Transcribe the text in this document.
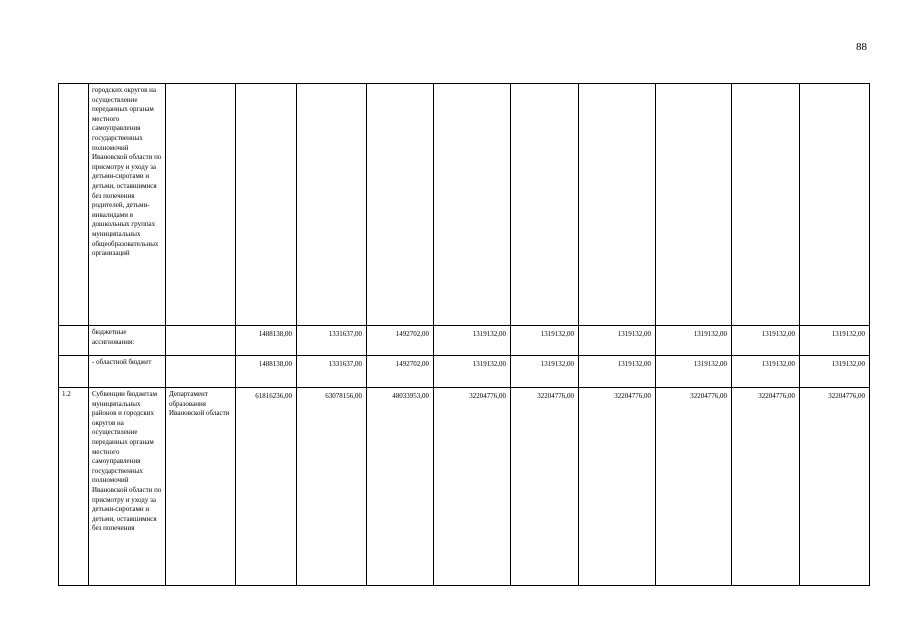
88
	городских округов на осуществление переданных органам местного самоуправления государственных полномочий Ивановской области по присмотру и уходу за детьми-сиротами и детьми, оставшимися без попечения родителей, детьми-инвалидами в дошкольных группах муниципальных общеобразовательных организаций										
	бюджетные ассигнования:		1488138,00	1331637,00	1492702,00	1319132,00	1319132,00	1319132,00	1319132,00	1319132,00	1319132,00
	- областной бюджет		1488138,00	1331637,00	1492702,00	1319132,00	1319132,00	1319132,00	1319132,00	1319132,00	1319132,00
1.2	Субвенции бюджетам муниципальных районов и городских округов на осуществление переданных органам местного самоуправления государственных полномочий Ивановской области по присмотру и уходу за детьми-сиротами и детьми, оставшимися без попечения	Департамент образования Ивановской области	61816236,00	63078156,00	48033953,00	32204776,00	32204776,00	32204776,00	32204776,00	32204776,00	32204776,00
